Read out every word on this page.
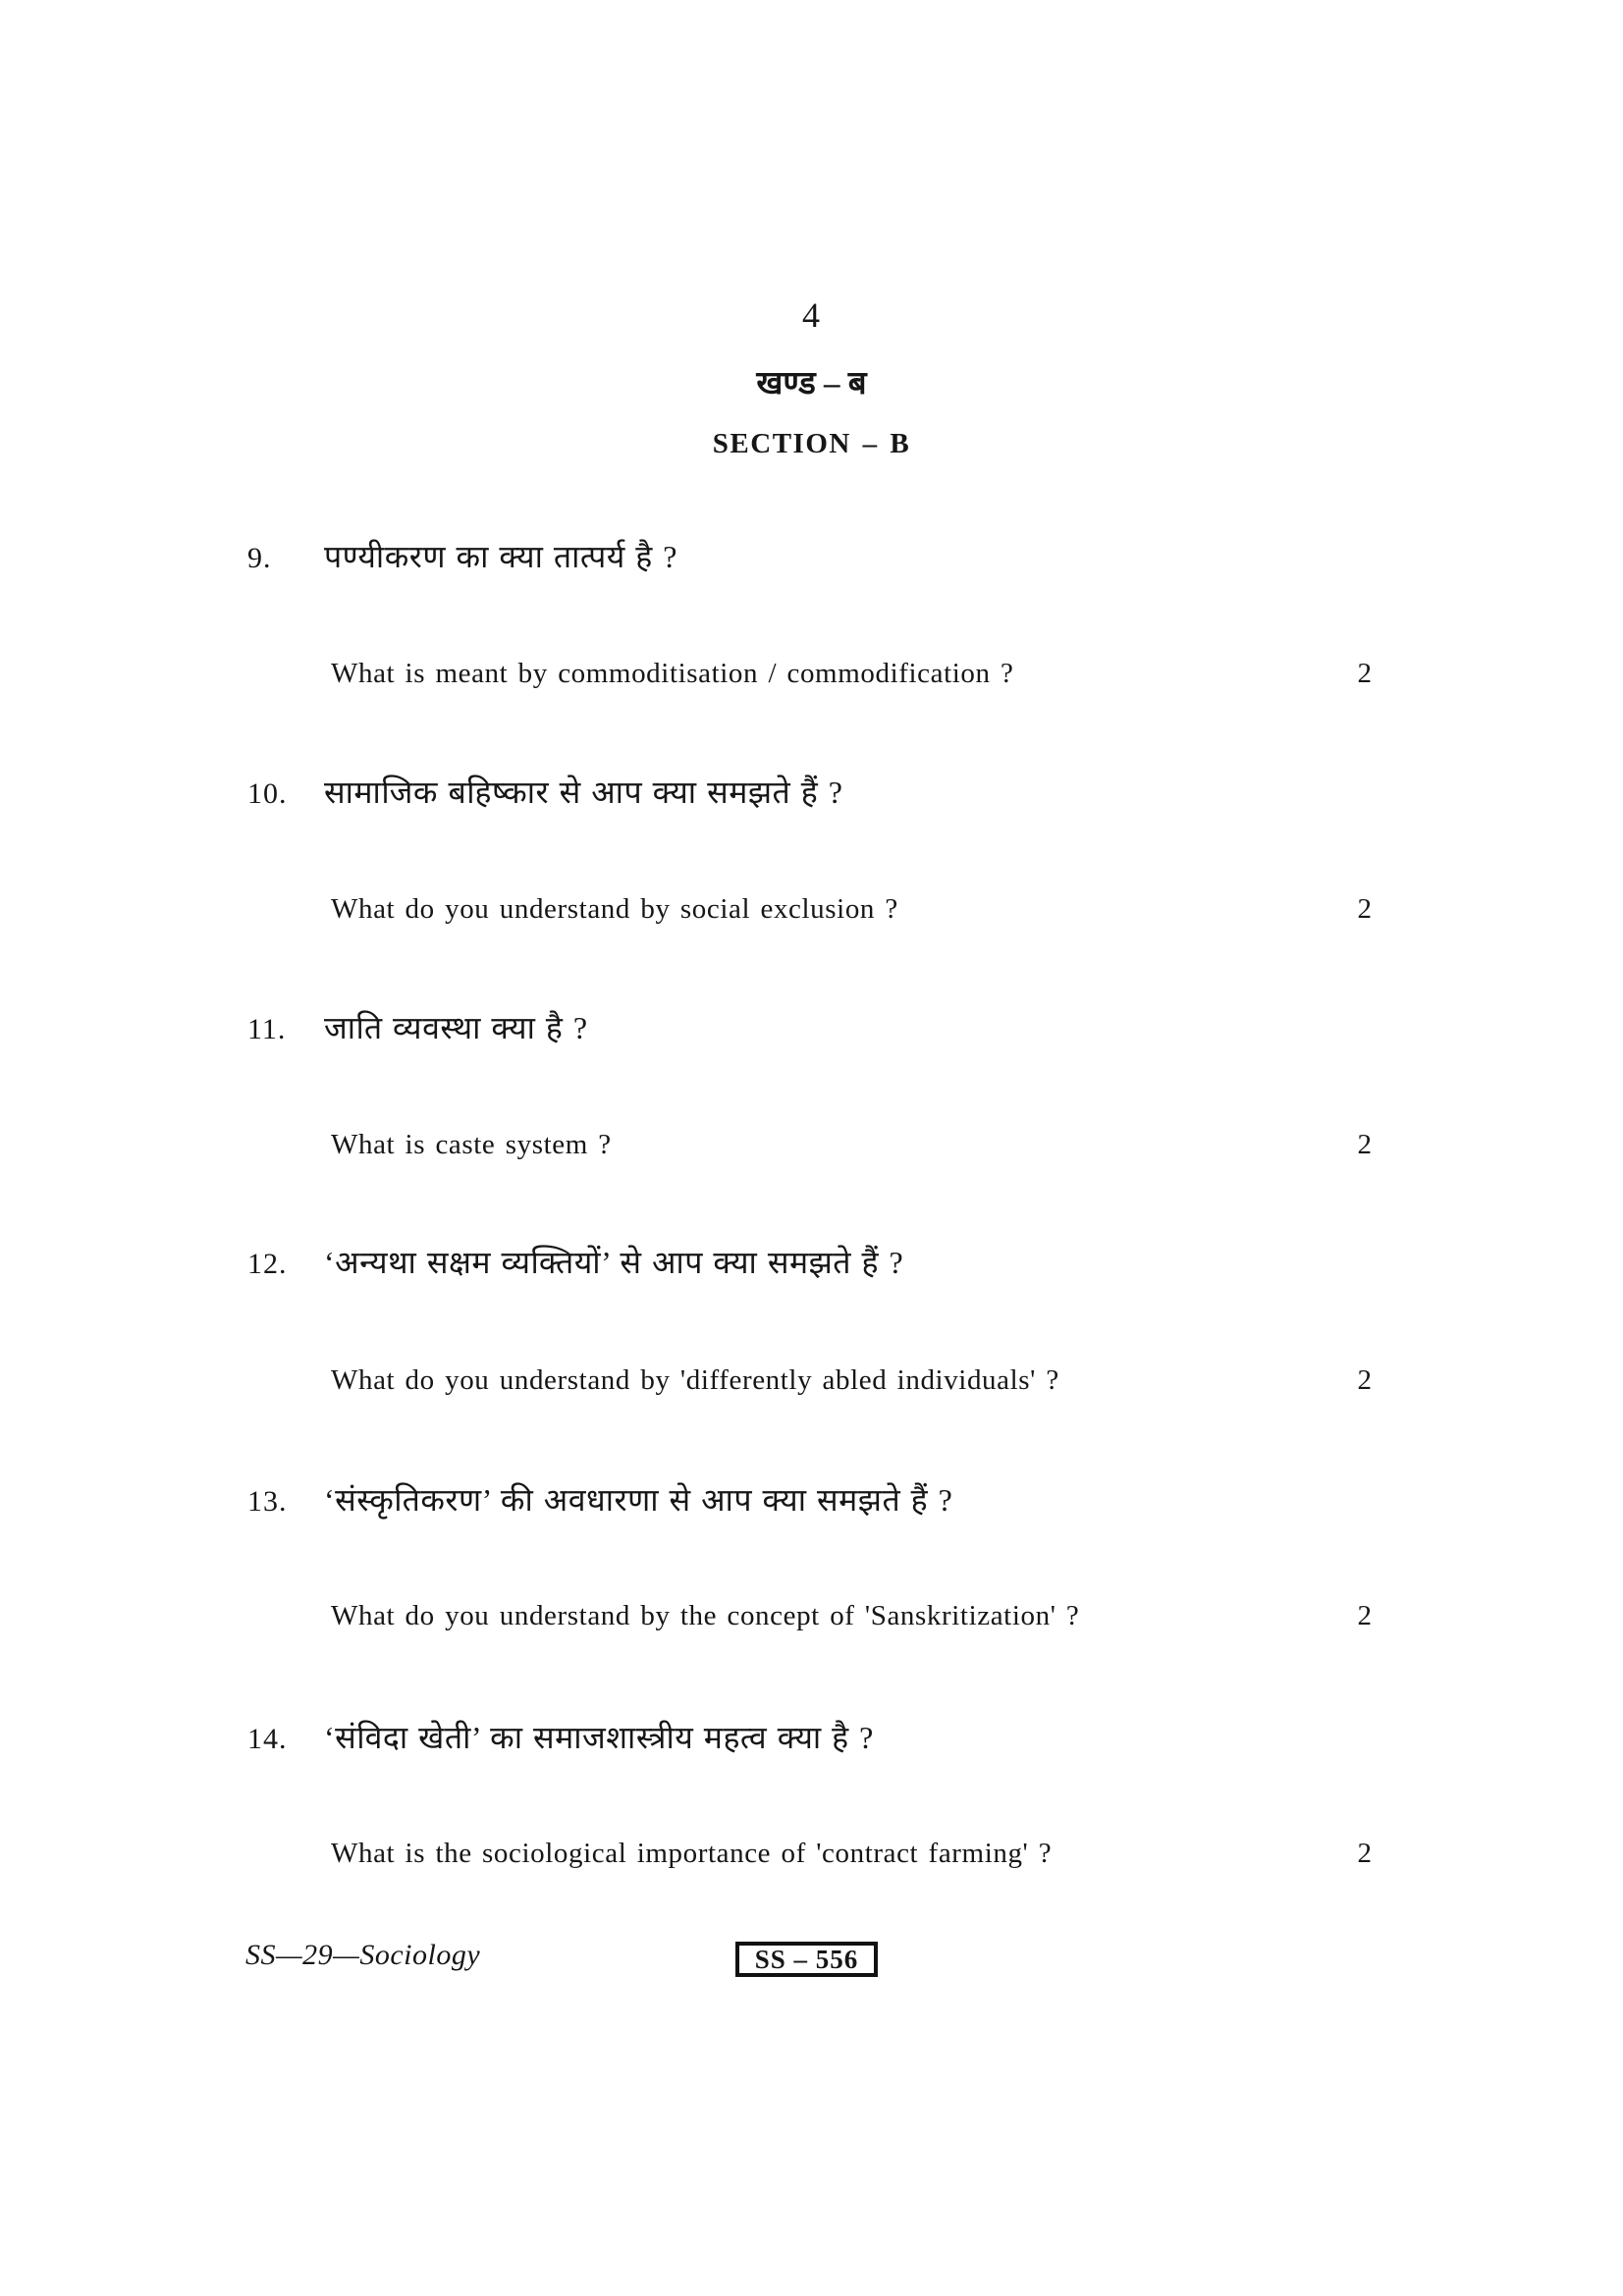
4
खण्ड – ब
SECTION – B
9.	पण्यीकरण का क्या तात्पर्य है ?
What is meant by commoditisation / commodification ?	2
10.	सामाजिक बहिष्कार से आप क्या समझते हैं ?
What do you understand by social exclusion ?	2
11.	जाति व्यवस्था क्या है ?
What is caste system ?	2
12.	‘अन्यथा सक्षम व्यक्तियों’ से आप क्या समझते हैं ?
What do you understand by 'differently abled individuals' ?	2
13.	‘संस्कृतिकरण’ की अवधारणा से आप क्या समझते हैं ?
What do you understand by the concept of 'Sanskritization' ?	2
14.	‘संविदा खेती’ का समाजशास्त्रीय महत्व क्या है ?
What is the sociological importance of 'contract farming' ?	2
SS—29—Sociology	SS – 556
